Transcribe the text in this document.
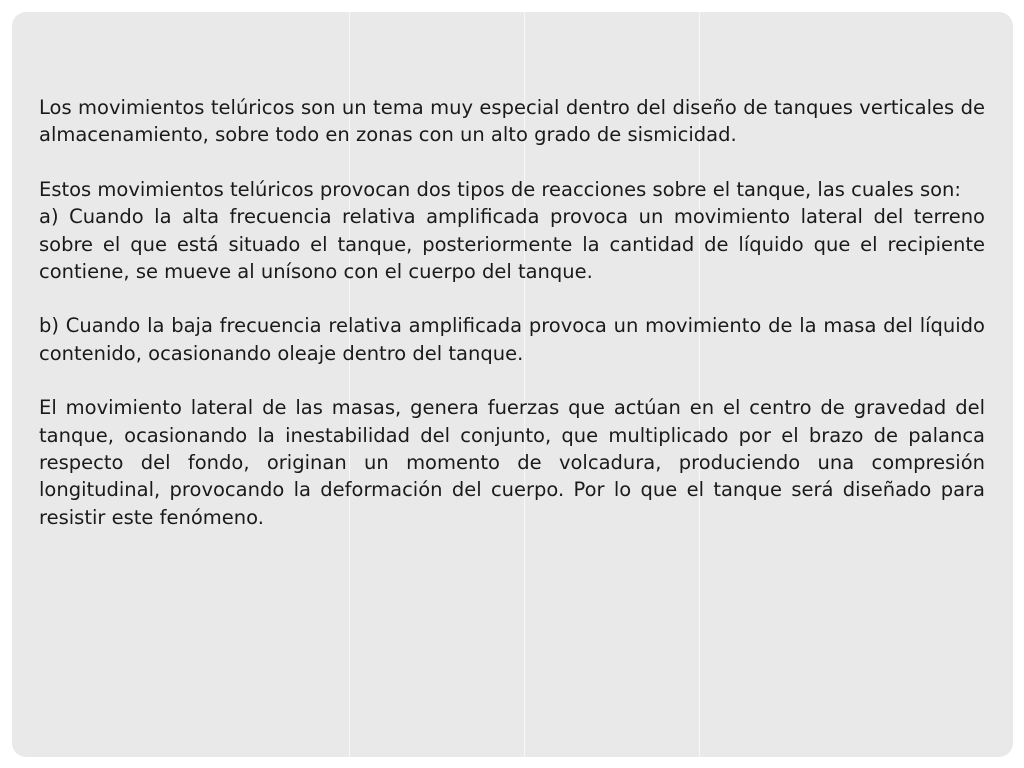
Los movimientos telúricos son un tema muy especial dentro del diseño de tanques verticales de almacenamiento, sobre todo en zonas con un alto grado de sismicidad.

Estos movimientos telúricos provocan dos tipos de reacciones sobre el tanque, las cuales son:

a) Cuando la alta frecuencia relativa amplificada provoca un movimiento lateral del terreno sobre el que está situado el tanque, posteriormente la cantidad de líquido que el recipiente contiene, se mueve al unísono con el cuerpo del tanque.

b) Cuando la baja frecuencia relativa amplificada provoca un movimiento de la masa del líquido contenido, ocasionando oleaje dentro del tanque.

El movimiento lateral de las masas, genera fuerzas que actúan en el centro de gravedad del tanque, ocasionando la inestabilidad del conjunto, que multiplicado por el brazo de palanca respecto del fondo, originan un momento de volcadura, produciendo una compresión longitudinal, provocando la deformación del cuerpo. Por lo que el tanque será diseñado para resistir este fenómeno.
